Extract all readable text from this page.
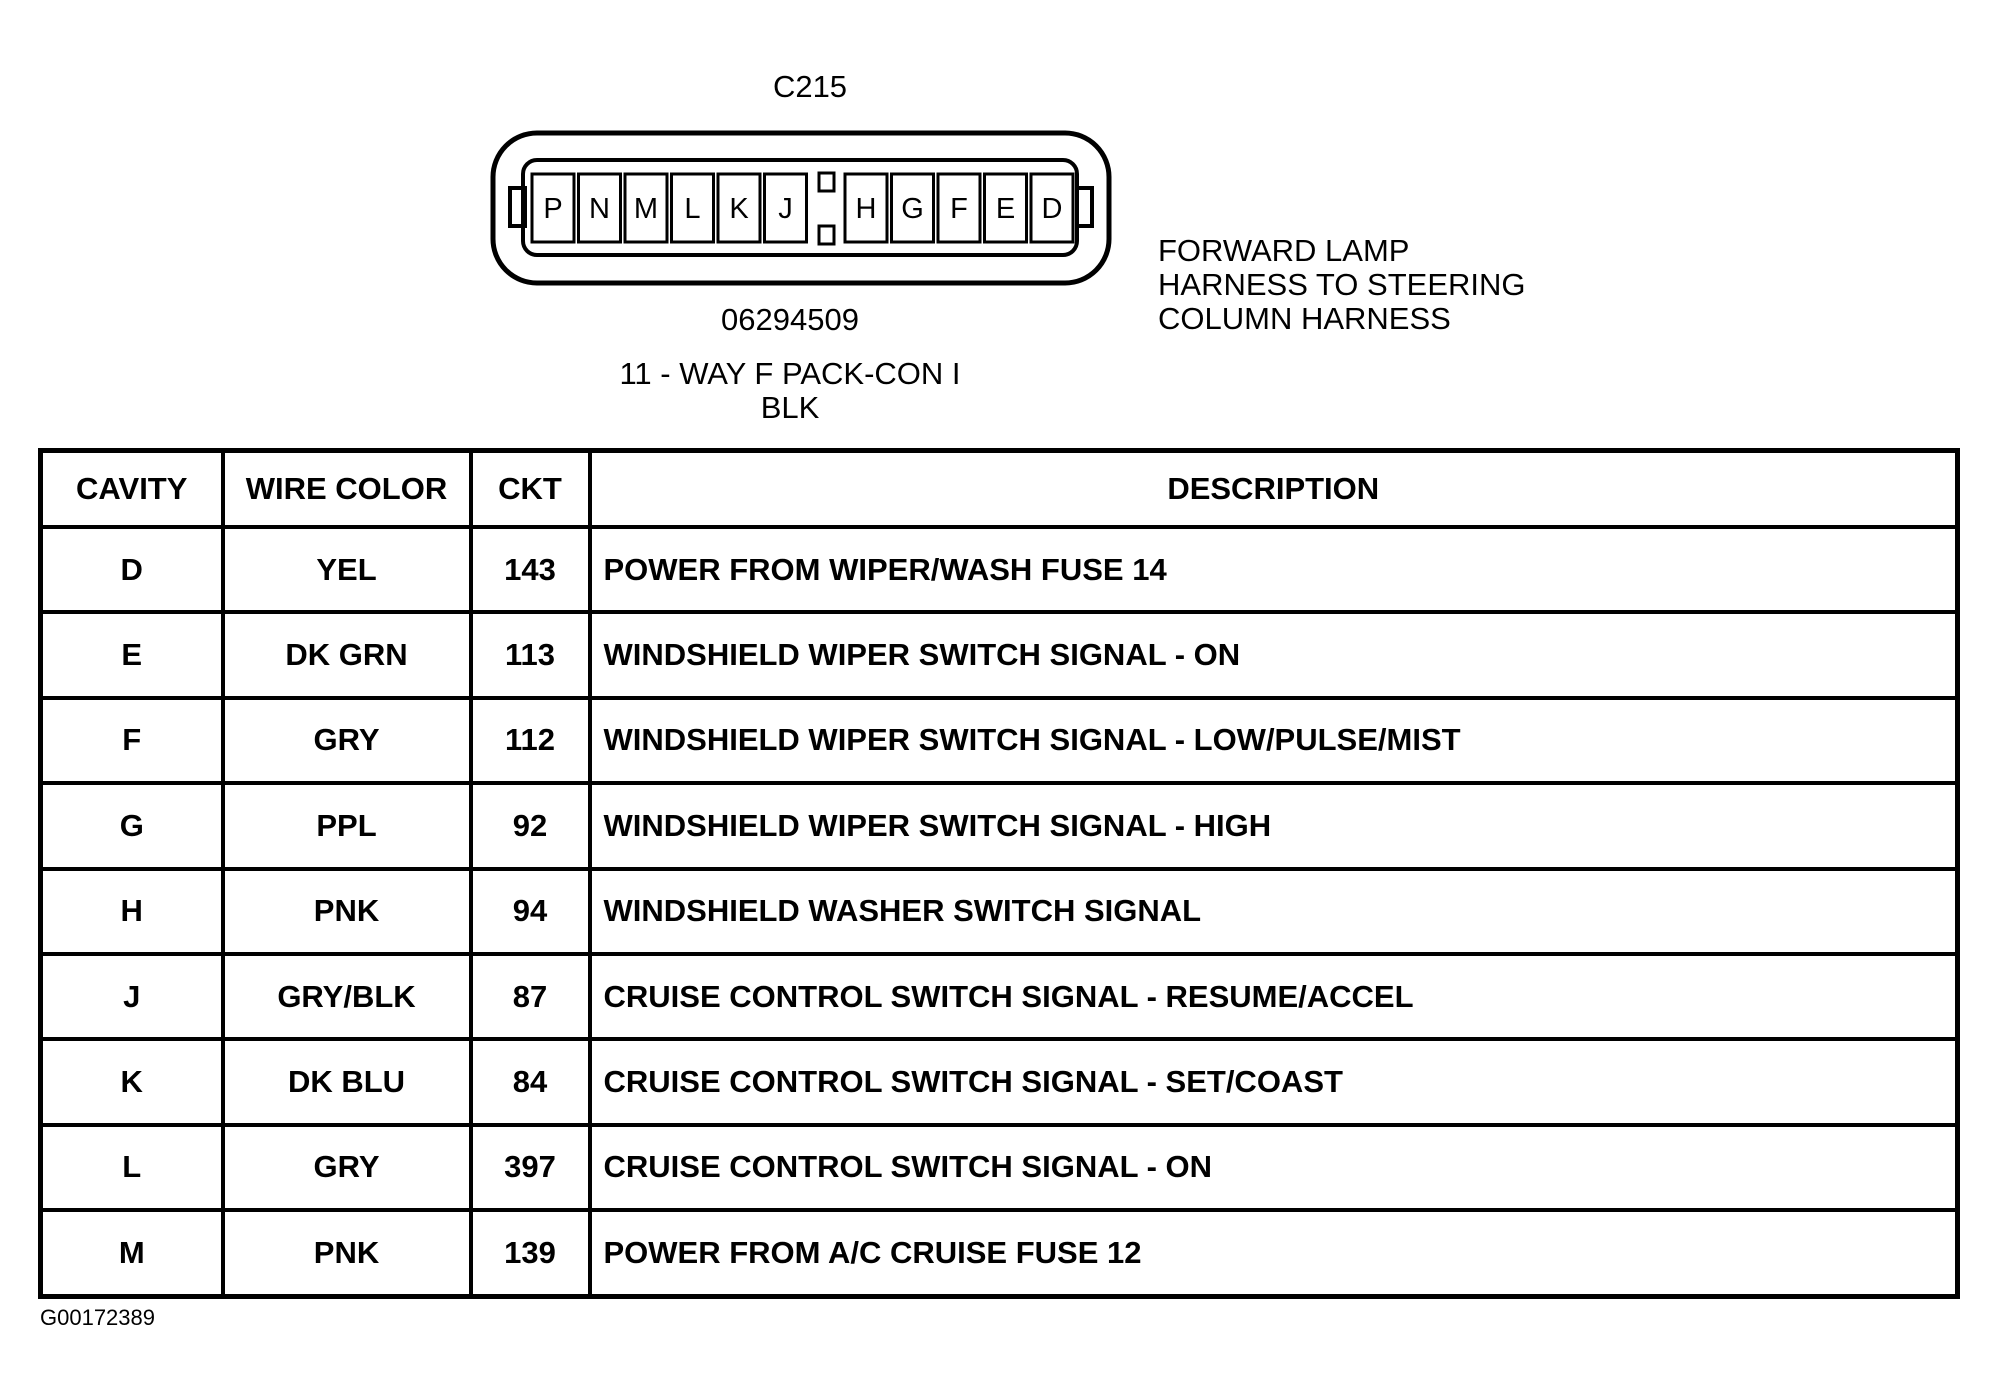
P N M L K J H G F E D
C215
06294509
11 - WAY F PACK-CON I
BLK
FORWARD LAMP
HARNESS TO STEERING
COLUMN HARNESS
CAVITY	WIRE COLOR	CKT	DESCRIPTION
D	YEL	143	POWER FROM WIPER/WASH FUSE 14
E	DK GRN	113	WINDSHIELD WIPER SWITCH SIGNAL - ON
F	GRY	112	WINDSHIELD WIPER SWITCH SIGNAL - LOW/PULSE/MIST
G	PPL	92	WINDSHIELD WIPER SWITCH SIGNAL - HIGH
H	PNK	94	WINDSHIELD WASHER SWITCH SIGNAL
J	GRY/BLK	87	CRUISE CONTROL SWITCH SIGNAL - RESUME/ACCEL
K	DK BLU	84	CRUISE CONTROL SWITCH SIGNAL - SET/COAST
L	GRY	397	CRUISE CONTROL SWITCH SIGNAL - ON
M	PNK	139	POWER FROM A/C CRUISE FUSE 12
G00172389
